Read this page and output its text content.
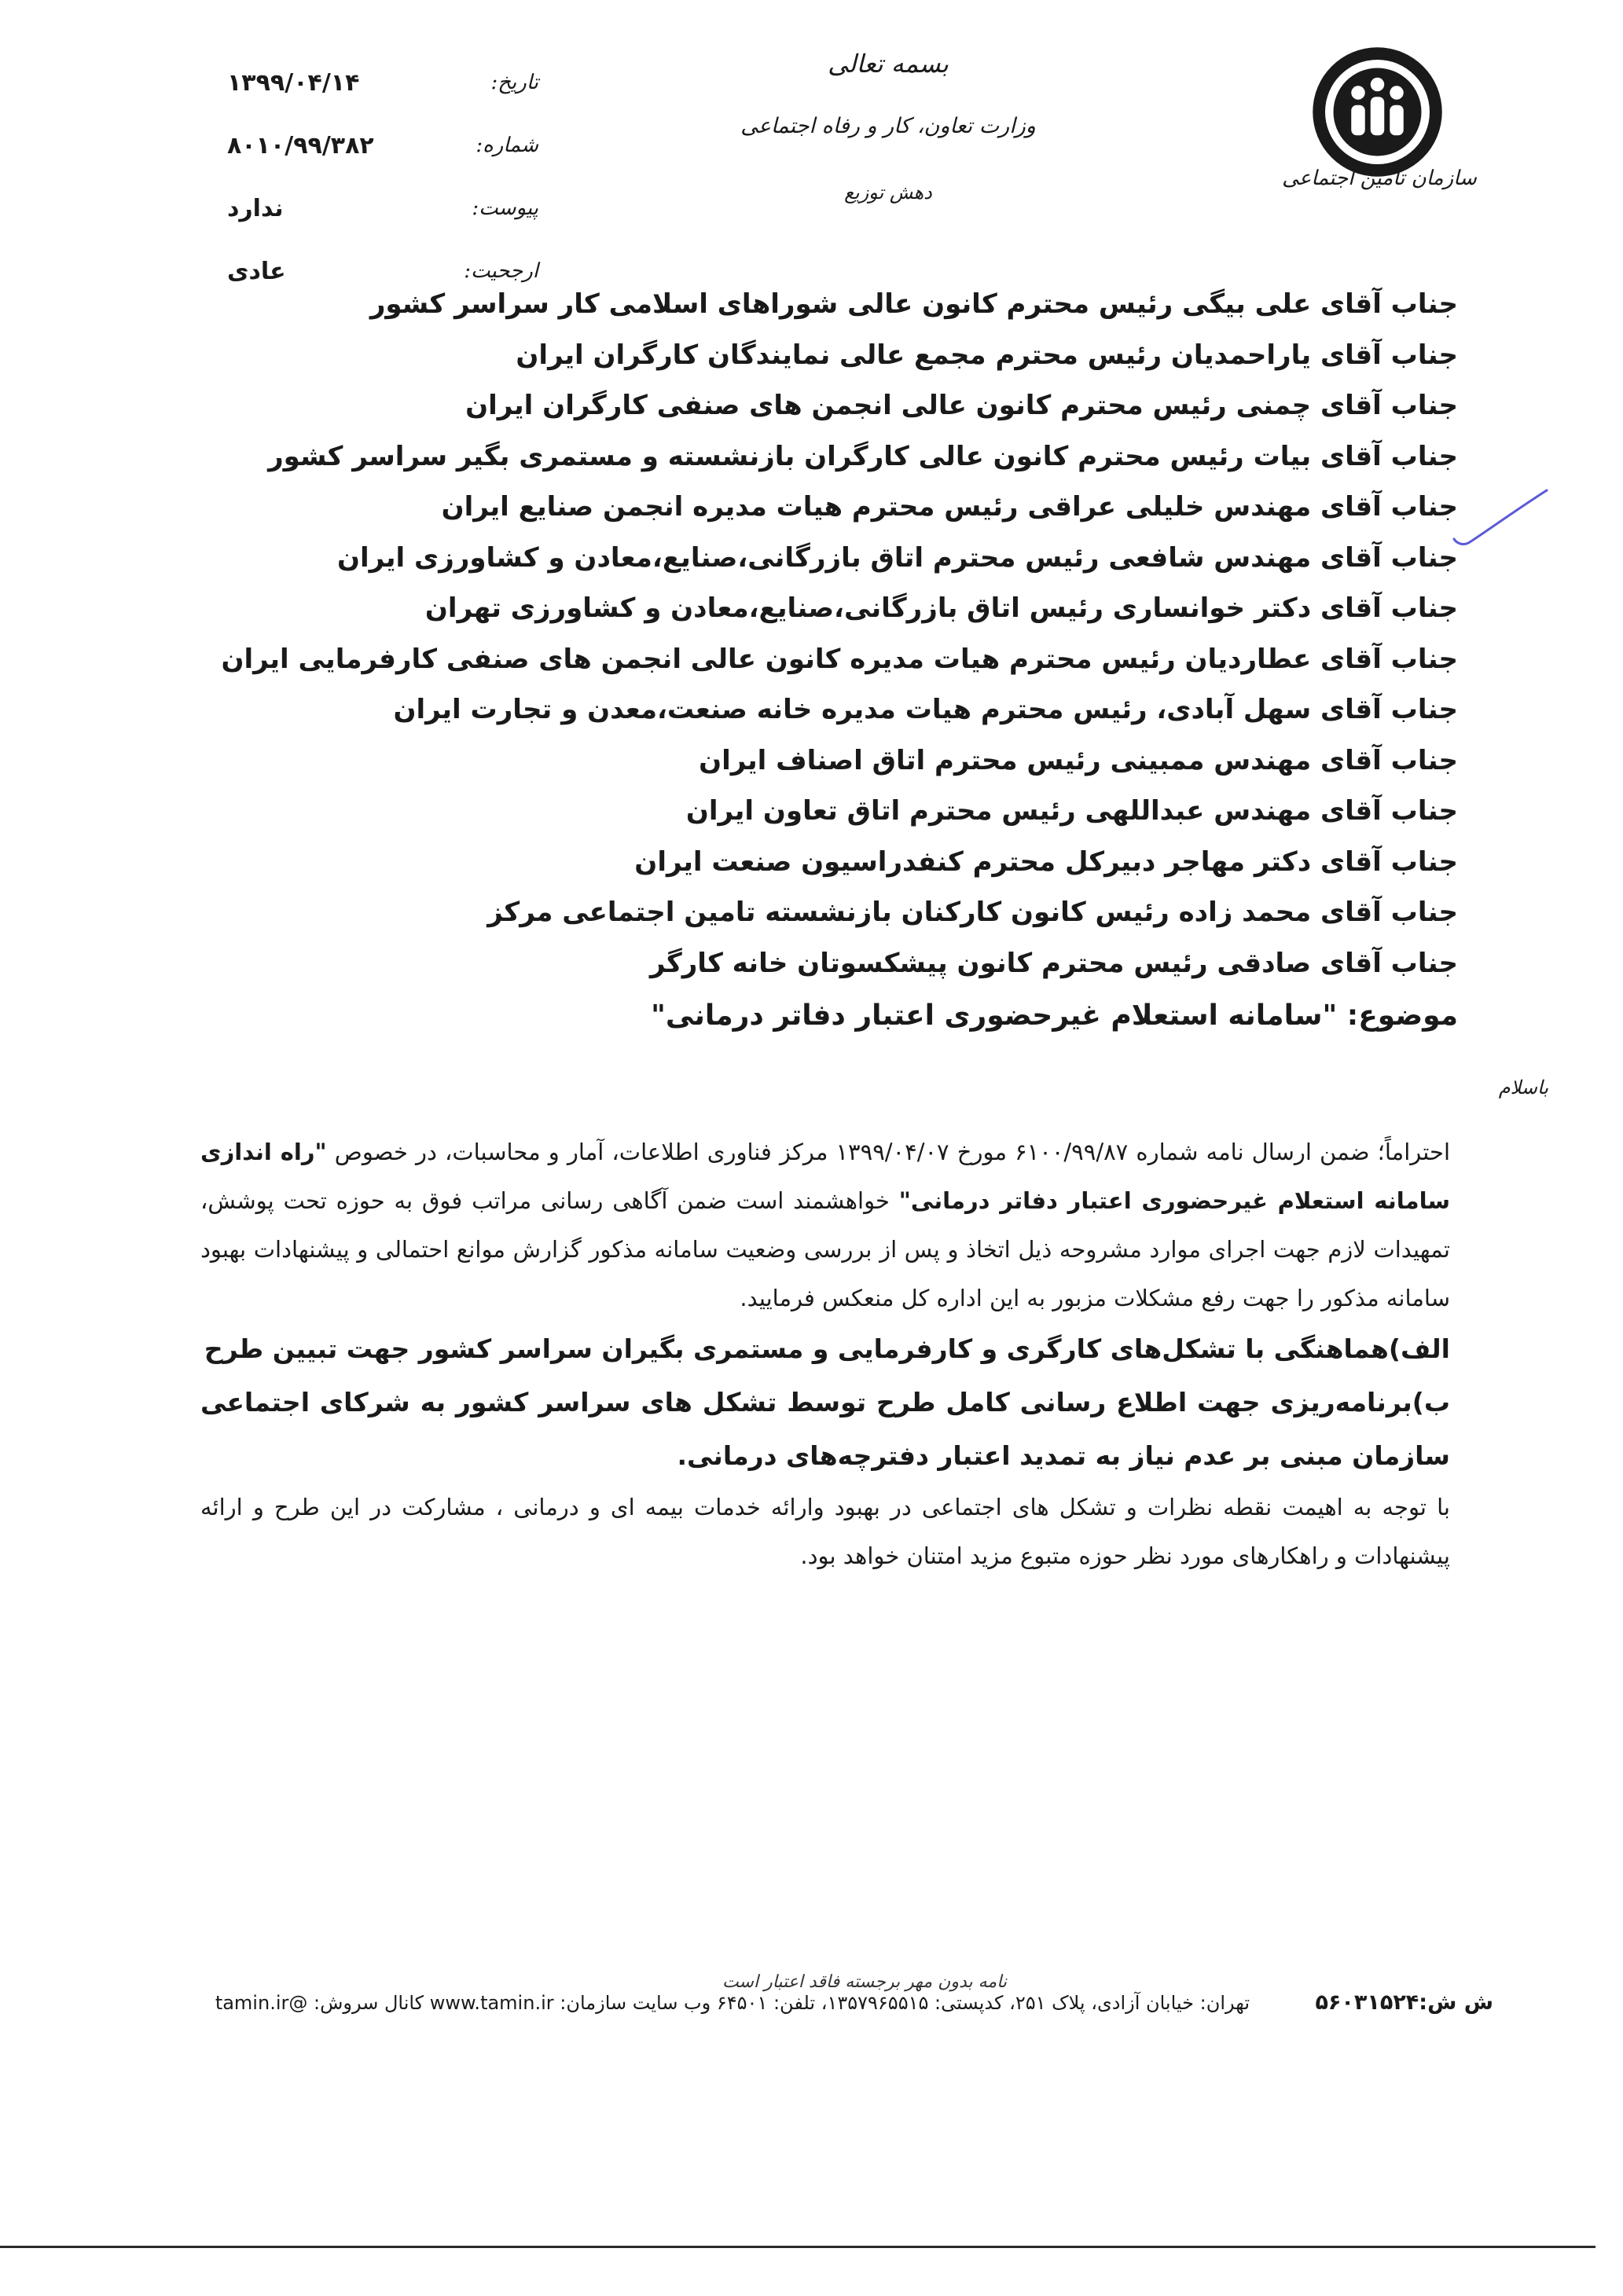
سازمان تامین اجتماعی
بسمه تعالی
وزارت تعاون، کار و رفاه اجتماعی
دهش توزیع
تاریخ:
۱۳۹۹/۰۴/۱۴
شماره:
۸۰۱۰/۹۹/۳۸۲
پیوست:
ندارد
ارجحیت:
عادی
جناب آقای علی بیگی رئیس محترم کانون عالی شوراهای اسلامی کار سراسر کشور
جناب آقای یاراحمدیان رئیس محترم مجمع عالی نمایندگان کارگران ایران
جناب آقای چمنی رئیس محترم کانون عالی انجمن های صنفی کارگران ایران
جناب آقای بیات رئیس محترم کانون عالی کارگران بازنشسته و مستمری بگیر سراسر کشور
جناب آقای مهندس خلیلی عراقی رئیس محترم هیات مدیره انجمن صنایع ایران
جناب آقای مهندس شافعی رئیس محترم اتاق بازرگانی،صنایع،معادن و کشاورزی ایران
جناب آقای دکتر خوانساری رئیس اتاق بازرگانی،صنایع،معادن و کشاورزی تهران
جناب آقای عطاردیان رئیس محترم هیات مدیره کانون عالی انجمن های صنفی کارفرمایی ایران
جناب آقای سهل آبادی، رئیس محترم هیات مدیره خانه صنعت،معدن و تجارت ایران
جناب آقای مهندس ممبینی رئیس محترم اتاق اصناف ایران
جناب آقای مهندس عبداللهی رئیس محترم اتاق تعاون ایران
جناب آقای دکتر مهاجر دبیرکل محترم کنفدراسیون صنعت ایران
جناب آقای محمد زاده رئیس کانون کارکنان بازنشسته تامین اجتماعی مرکز
جناب آقای صادقی رئیس محترم کانون پیشکسوتان خانه کارگر
موضوع: "سامانه استعلام غیرحضوری اعتبار دفاتر درمانی"
باسلام

احتراماً؛ ضمن ارسال نامه شماره ۶۱۰۰/۹۹/۸۷ مورخ ۱۳۹۹/۰۴/۰۷ مرکز فناوری اطلاعات، آمار و محاسبات، در خصوص "راه اندازی سامانه استعلام غیرحضوری اعتبار دفاتر درمانی" خواهشمند است ضمن آگاهی رسانی مراتب فوق به حوزه تحت پوشش، تمهیدات لازم جهت اجرای موارد مشروحه ذیل اتخاذ و پس از بررسی وضعیت سامانه مذکور گزارش موانع احتمالی و پیشنهادات بهبود سامانه مذکور را جهت رفع مشکلات مزبور به این اداره کل منعکس فرمایید.

الف)هماهنگی با تشکل‌های کارگری و کارفرمایی و مستمری بگیران سراسر کشور جهت تبیین طرح

ب)برنامه‌ریزی جهت اطلاع رسانی کامل طرح توسط تشکل های سراسر کشور به شرکای اجتماعی سازمان مبنی بر عدم نیاز به تمدید اعتبار دفترچه‌های درمانی.

با توجه به اهیمت نقطه نظرات و تشکل های اجتماعی در بهبود وارائه خدمات بیمه ای و درمانی ، مشارکت در این طرح و ارائه پیشنهادات و راهکارهای مورد نظر حوزه متبوع مزید امتنان خواهد بود.

نامه بدون مهر برجسته فاقد اعتبار است
تهران: خیابان آزادی، پلاک ۲۵۱، کدپستی: ۱۳۵۷۹۶۵۵۱۵، تلفن: ۶۴۵۰۱ وب سایت سازمان: www.tamin.ir کانال سروش: @tamin.ir	ش ش:۵۶۰۳۱۵۲۴
